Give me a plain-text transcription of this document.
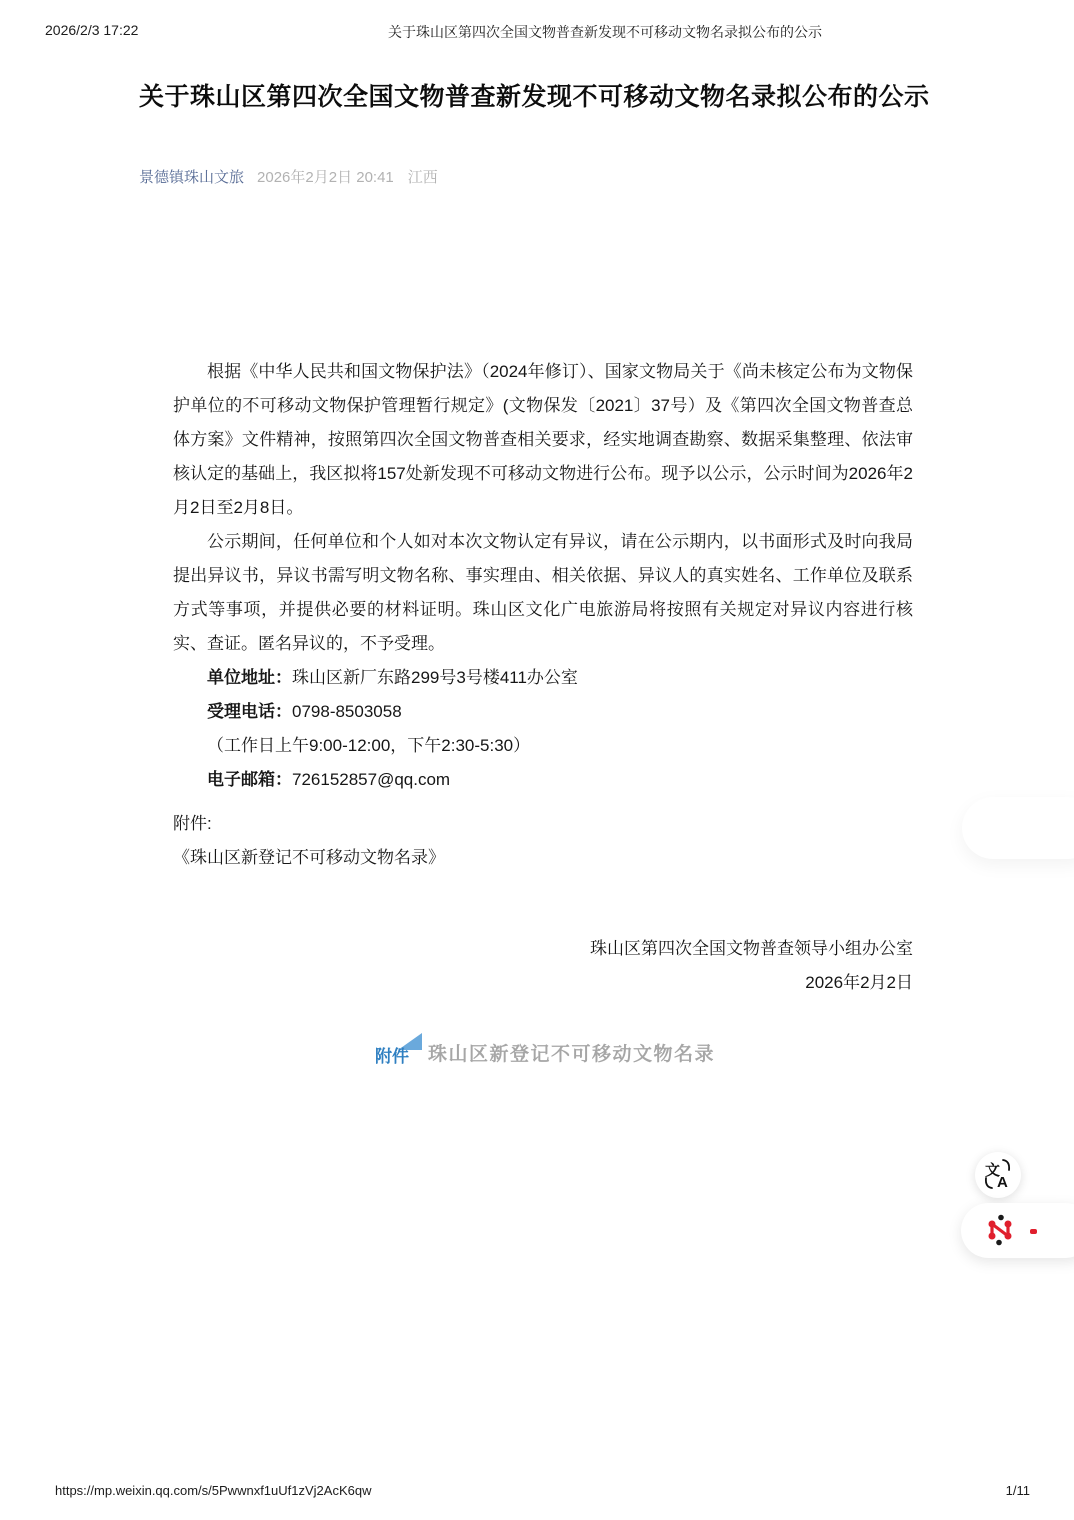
2026/2/3 17:22	关于珠山区第四次全国文物普查新发现不可移动文物名录拟公布的公示
关于珠山区第四次全国文物普查新发现不可移动文物名录拟公布的公示
景德镇珠山文旅 2026年2月2日 20:41 江西

根据《中华人民共和国文物保护法》（2024年修订）、国家文物局关于《尚未核定公布为文物保护单位的不可移动文物保护管理暂行规定》(文物保发〔2021〕37号）及《第四次全国文物普查总体方案》文件精神，按照第四次全国文物普查相关要求，经实地调查勘察、数据采集整理、依法审核认定的基础上，我区拟将157处新发现不可移动文物进行公布。现予以公示，公示时间为2026年2月2日至2月8日。

公示期间，任何单位和个人如对本次文物认定有异议，请在公示期内，以书面形式及时向我局提出异议书，异议书需写明文物名称、事实理由、相关依据、异议人的真实姓名、工作单位及联系方式等事项，并提供必要的材料证明。珠山区文化广电旅游局将按照有关规定对异议内容进行核实、查证。匿名异议的，不予受理。

单位地址：珠山区新厂东路299号3号楼411办公室

受理电话：0798-8503058

（工作日上午9:00-12:00，下午2:30-5:30）

电子邮箱：726152857@qq.com

附件:

《珠山区新登记不可移动文物名录》

珠山区第四次全国文物普查领导小组办公室

2026年2月2日

附件 珠山区新登记不可移动文物名录
文
A
https://mp.weixin.qq.com/s/5Pwwnxf1uUf1zVj2AcK6qw	1/11
